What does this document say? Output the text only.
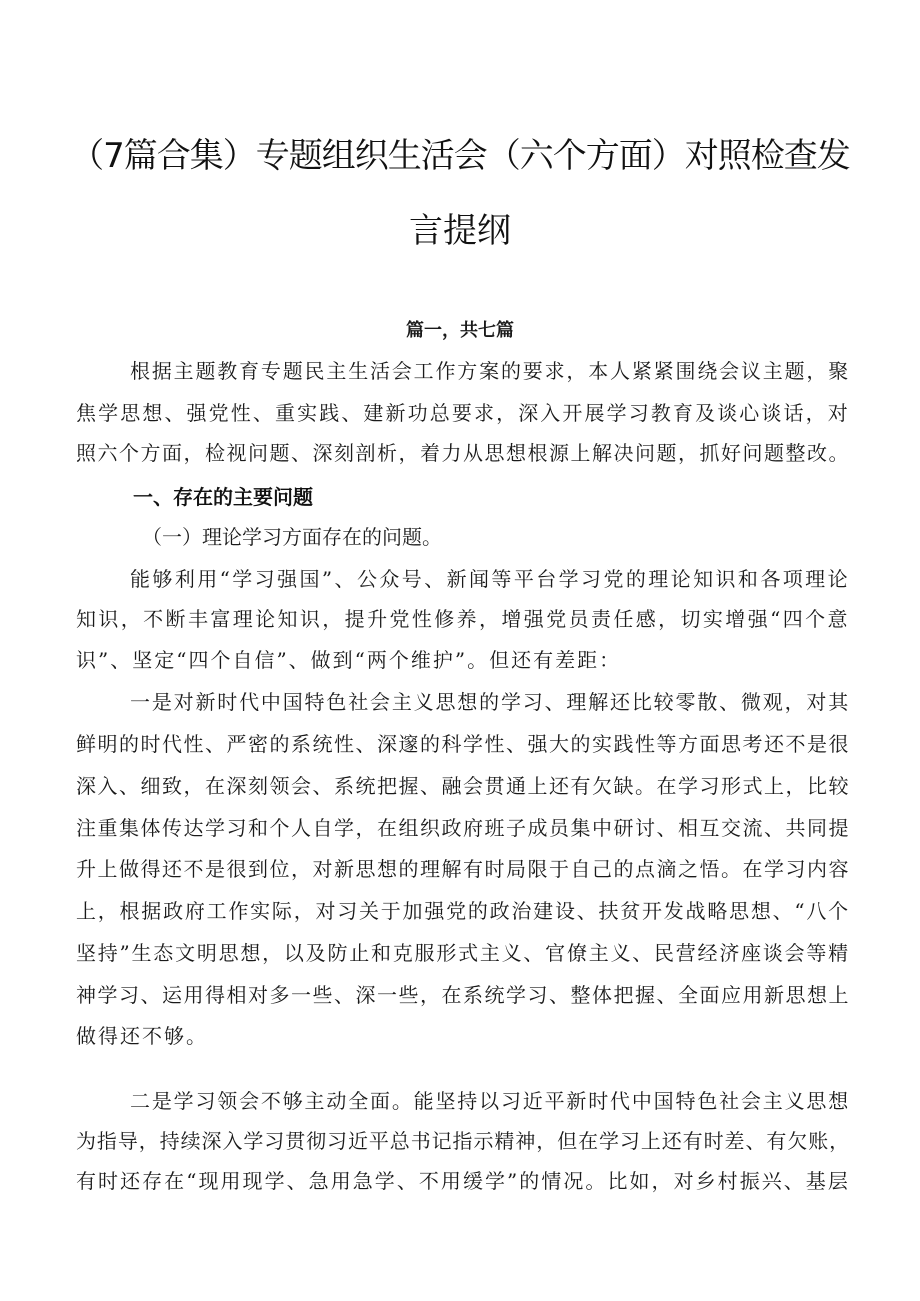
（7篇合集）专题组织生活会（六个方面）对照检查发
言提纲
篇一，共七篇
根据主题教育专题民主生活会工作方案的要求，本人紧紧围绕会议主题，聚
焦学思想、强党性、重实践、建新功总要求，深入开展学习教育及谈心谈话，对
照六个方面，检视问题、深刻剖析，着力从思想根源上解决问题，抓好问题整改。
一、存在的主要问题
（一）理论学习方面存在的问题。
能够利用“学习强国”、公众号、新闻等平台学习党的理论知识和各项理论
知识，不断丰富理论知识，提升党性修养，增强党员责任感，切实增强“四个意
识”、坚定“四个自信”、做到“两个维护”。但还有差距：
一是对新时代中国特色社会主义思想的学习、理解还比较零散、微观，对其
鲜明的时代性、严密的系统性、深邃的科学性、强大的实践性等方面思考还不是很
深入、细致，在深刻领会、系统把握、融会贯通上还有欠缺。在学习形式上，比较
注重集体传达学习和个人自学，在组织政府班子成员集中研讨、相互交流、共同提
升上做得还不是很到位，对新思想的理解有时局限于自己的点滴之悟。在学习内容
上，根据政府工作实际，对习关于加强党的政治建设、扶贫开发战略思想、“八个
坚持”生态文明思想，以及防止和克服形式主义、官僚主义、民营经济座谈会等精
神学习、运用得相对多一些、深一些，在系统学习、整体把握、全面应用新思想上
做得还不够。
二是学习领会不够主动全面。能坚持以习近平新时代中国特色社会主义思想
为指导，持续深入学习贯彻习近平总书记指示精神，但在学习上还有时差、有欠账，
有时还存在“现用现学、急用急学、不用缓学”的情况。比如，对乡村振兴、基层
